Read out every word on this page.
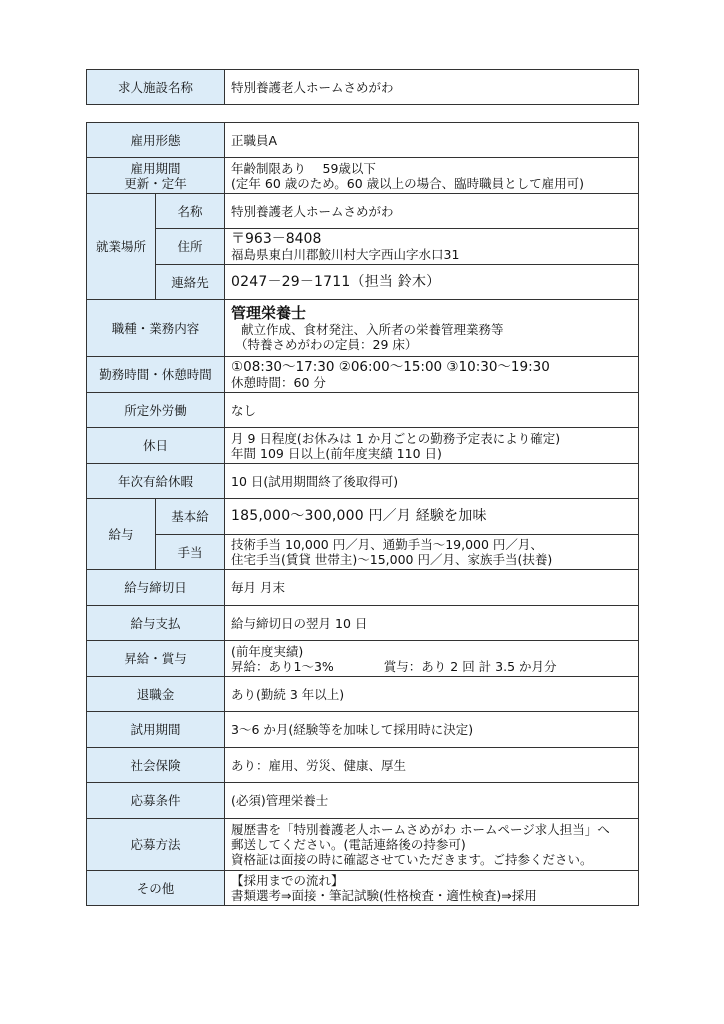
求人施設名称	特別養護老人ホームさめがわ
雇用形態		正職員A

雇用期間
更新・定年		年齢制限あり　 59歳以下
(定年 60 歳のため。60 歳以上の場合、臨時職員として雇用可)

就業場所	名称	特別養護老人ホームさめがわ
	住所	〒963－8408
福島県東白川郡鮫川村大字西山字水口31

	連絡先	0247－29－1711（担当 鈴木）
職種・業務内容		管理栄養士
献立作成、食材発注、入所者の栄養管理業務等
（特養さめがわの定員：29 床）

勤務時間・休憩時間		①08:30～17:30 ②06:00～15:00 ③10:30～19:30
休憩時間：60 分

所定外労働		なし
休日		月 9 日程度(お休みは 1 か月ごとの勤務予定表により確定)
年間 109 日以上(前年度実績 110 日)

年次有給休暇		10 日(試用期間終了後取得可)
給与	基本給	185,000～300,000 円／月 経験を加味
	手当	技術手当 10,000 円／月、通勤手当～19,000 円／月、
住宅手当(賃貸 世帯主)～15,000 円／月、家族手当(扶養)

給与締切日		毎月 月末
給与支払		給与締切日の翌月 10 日
昇給・賞与		(前年度実績)
昇給：あり1～3%　　　　賞与：あり 2 回 計 3.5 か月分

退職金		あり(勤続 3 年以上)
試用期間		3～6 か月(経験等を加味して採用時に決定)
社会保険		あり：雇用、労災、健康、厚生
応募条件		(必須)管理栄養士
応募方法		履歴書を「特別養護老人ホームさめがわ ホームページ求人担当」へ
郵送してください。(電話連絡後の持参可)
資格証は面接の時に確認させていただきます。ご持参ください。

その他		【採用までの流れ】
書類選考⇒面接・筆記試験(性格検査・適性検査)⇒採用
